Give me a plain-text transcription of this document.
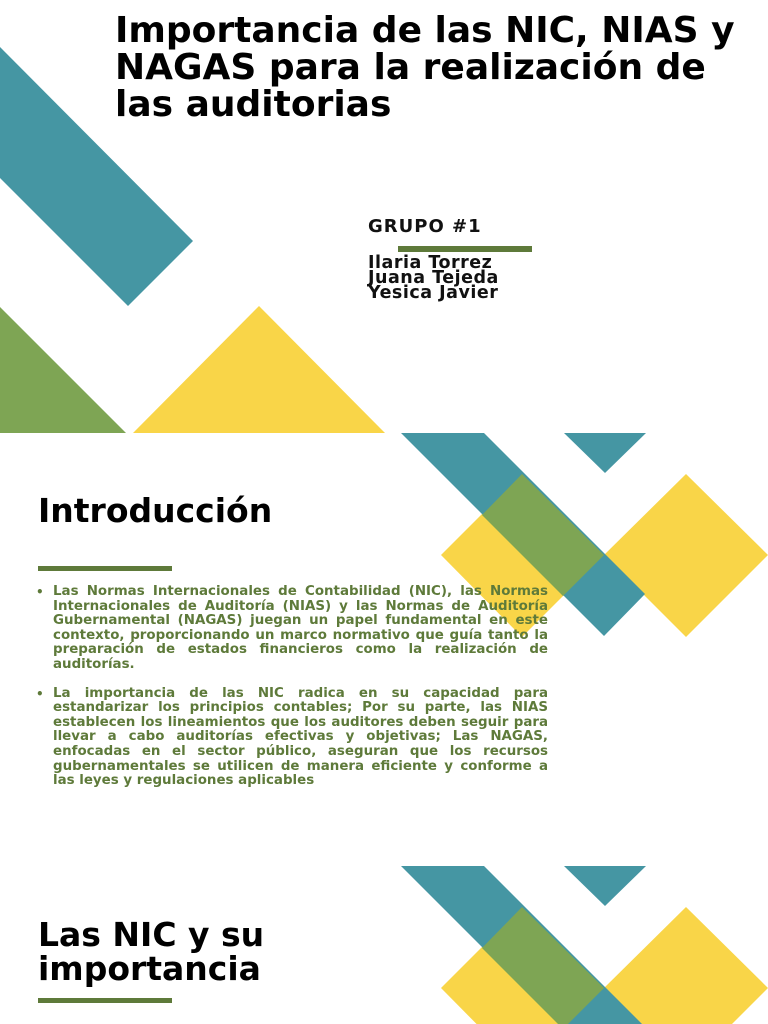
Importancia de las NIC, NIAS y NAGAS para la realización de las auditorias
GRUPO #1
Ilaria Torrez
Juana Tejeda
Yesica Javier
Introducción
• Las Normas Internacionales de Contabilidad (NIC), las Normas Internacionales de Auditoría (NIAS) y las Normas de Auditoría Gubernamental (NAGAS) juegan un papel fundamental en este contexto, proporcionando un marco normativo que guía tanto la preparación de estados financieros como la realización de auditorías.
• La importancia de las NIC radica en su capacidad para estandarizar los principios contables; Por su parte, las NIAS establecen los lineamientos que los auditores deben seguir para llevar a cabo auditorías efectivas y objetivas; Las NAGAS, enfocadas en el sector público, aseguran que los recursos gubernamentales se utilicen de manera eficiente y conforme a las leyes y regulaciones aplicables
Las NIC y su importancia
